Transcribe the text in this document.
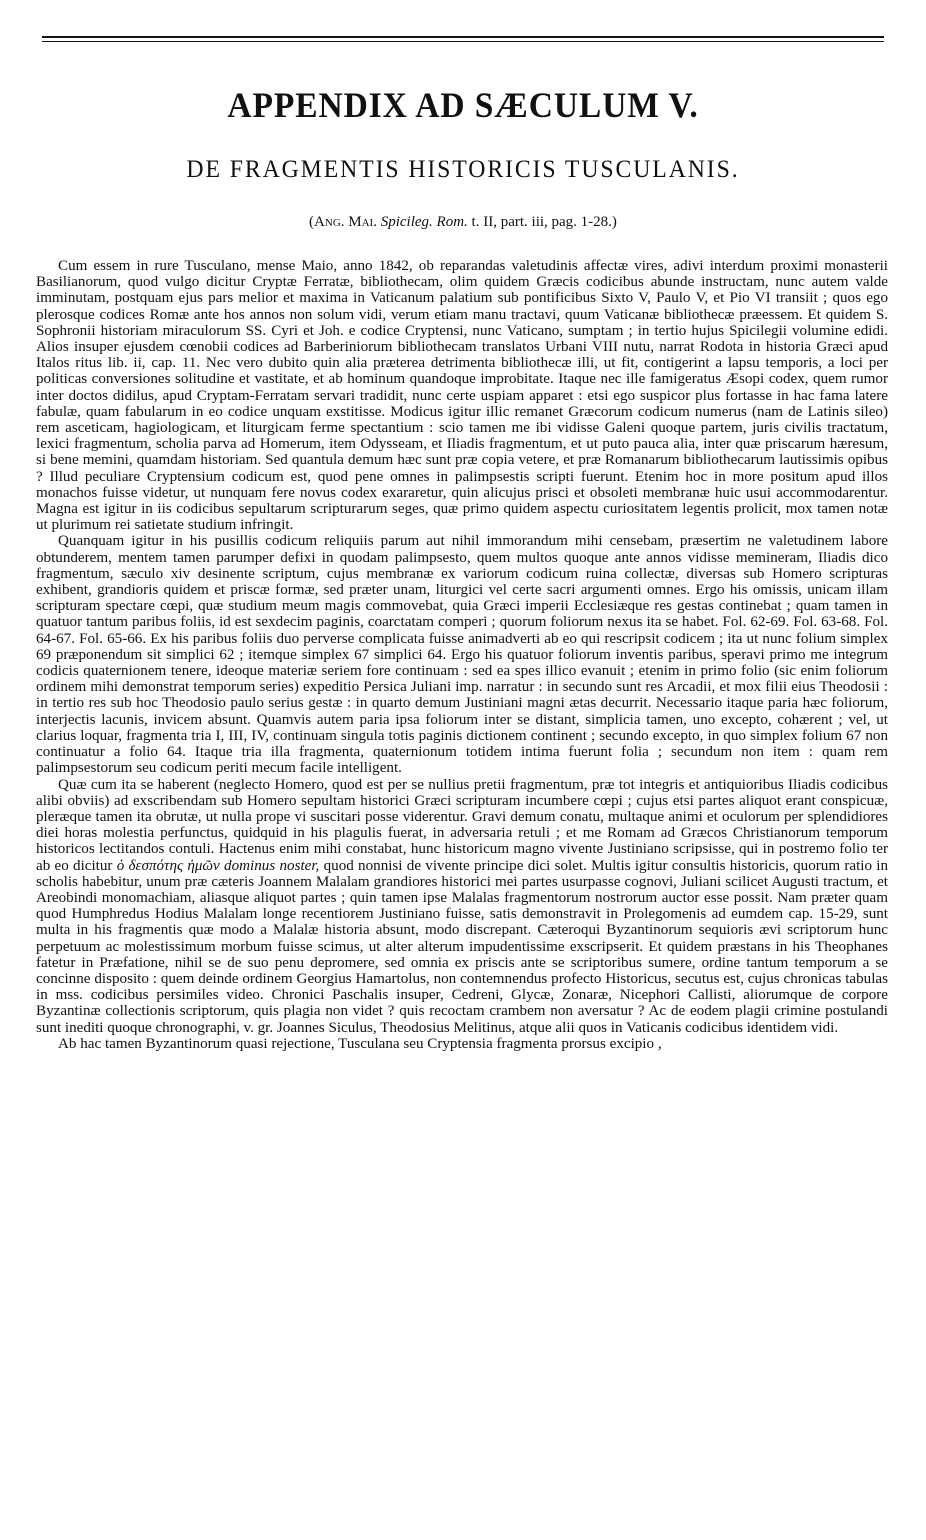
APPENDIX AD SÆCULUM V.
DE FRAGMENTIS HISTORICIS TUSCULANIS.
(Ang. Mai. Spicileg. Rom. t. II, part. iii, pag. 1-28.)

Cum essem in rure Tusculano, mense Maio, anno 1842, ob reparandas valetudinis affectæ vires, adivi interdum proximi monasterii Basilianorum, quod vulgo dicitur Cryptæ Ferratæ, bibliothecam, olim quidem Græcis codicibus abunde instructam, nunc autem valde imminutam, postquam ejus pars melior et maxima in Vaticanum palatium sub pontificibus Sixto V, Paulo V, et Pio VI transiit ; quos ego plerosque codices Romæ ante hos annos non solum vidi, verum etiam manu tractavi, quum Vaticanæ bibliothecæ præessem. Et quidem S. Sophronii historiam miraculorum SS. Cyri et Joh. e codice Cryptensi, nunc Vaticano, sumptam ; in tertio hujus Spicilegii volumine edidi. Alios insuper ejusdem cœnobii codices ad Barberiniorum bibliothecam translatos Urbani VIII nutu, narrat Rodota in historia Græci apud Italos ritus lib. ii, cap. 11. Nec vero dubito quin alia præterea detrimenta bibliothecæ illi, ut fit, contigerint a lapsu temporis, a loci per politicas conversiones solitudine et vastitate, et ab hominum quandoque improbitate. Itaque nec ille famigeratus Æsopi codex, quem rumor inter doctos didilus, apud Cryptam-Ferratam servari tradidit, nunc certe uspiam apparet : etsi ego suspicor plus fortasse in hac fama latere fabulæ, quam fabularum in eo codice unquam exstitisse. Modicus igitur illic remanet Græcorum codicum numerus (nam de Latinis sileo) rem asceticam, hagiologicam, et liturgicam ferme spectantium : scio tamen me ibi vidisse Galeni quoque partem, juris civilis tractatum, lexici fragmentum, scholia parva ad Homerum, item Odysseam, et Iliadis fragmentum, et ut puto pauca alia, inter quæ priscarum hæresum, si bene memini, quamdam historiam. Sed quantula demum hæc sunt præ copia vetere, et præ Romanarum bibliothecarum lautissimis opibus ? Illud peculiare Cryptensium codicum est, quod pene omnes in palimpsestis scripti fuerunt. Etenim hoc in more positum apud illos monachos fuisse videtur, ut nunquam fere novus codex exararetur, quin alicujus prisci et obsoleti membranæ huic usui accommodarentur. Magna est igitur in iis codicibus sepultarum scripturarum seges, quæ primo quidem aspectu curiositatem legentis prolicit, mox tamen notæ ut plurimum rei satietate studium infringit.

Quanquam igitur in his pusillis codicum reliquiis parum aut nihil immorandum mihi censebam, præsertim ne valetudinem labore obtunderem, mentem tamen parumper defixi in quodam palimpsesto, quem multos quoque ante annos vidisse memineram, Iliadis dico fragmentum, sæculo xiv desinente scriptum, cujus membranæ ex variorum codicum ruina collectæ, diversas sub Homero scripturas exhibent, grandioris quidem et priscæ formæ, sed præter unam, liturgici vel certe sacri argumenti omnes. Ergo his omissis, unicam illam scripturam spectare cœpi, quæ studium meum magis commovebat, quia Græci imperii Ecclesiæque res gestas continebat ; quam tamen in quatuor tantum paribus foliis, id est sexdecim paginis, coarctatam comperi ; quorum foliorum nexus ita se habet. Fol. 62-69. Fol. 63-68. Fol. 64-67. Fol. 65-66. Ex his paribus foliis duo perverse complicata fuisse animadverti ab eo qui rescripsit codicem ; ita ut nunc folium simplex 69 præponendum sit simplici 62 ; itemque simplex 67 simplici 64. Ergo his quatuor foliorum inventis paribus, speravi primo me integrum codicis quaternionem tenere, ideoque materiæ seriem fore continuam : sed ea spes illico evanuit ; etenim in primo folio (sic enim foliorum ordinem mihi demonstrat temporum series) expeditio Persica Juliani imp. narratur : in secundo sunt res Arcadii, et mox filii eius Theodosii : in tertio res sub hoc Theodosio paulo serius gestæ : in quarto demum Justiniani magni ætas decurrit. Necessario itaque paria hæc foliorum, interjectis lacunis, invicem absunt. Quamvis autem paria ipsa foliorum inter se distant, simplicia tamen, uno excepto, cohærent ; vel, ut clarius loquar, fragmenta tria I, III, IV, continuam singula totis paginis dictionem continent ; secundo excepto, in quo simplex folium 67 non continuatur a folio 64. Itaque tria illa fragmenta, quaternionum totidem intima fuerunt folia ; secundum non item : quam rem palimpsestorum seu codicum periti mecum facile intelligent.

Quæ cum ita se haberent (neglecto Homero, quod est per se nullius pretii fragmentum, præ tot integris et antiquioribus Iliadis codicibus alibi obviis) ad exscribendam sub Homero sepultam historici Græci scripturam incumbere cœpi ; cujus etsi partes aliquot erant conspicuæ, pleræque tamen ita obrutæ, ut nulla prope vi suscitari posse viderentur. Gravi demum conatu, multaque animi et oculorum per splendidiores diei horas molestia perfunctus, quidquid in his plagulis fuerat, in adversaria retuli ; et me Romam ad Græcos Christianorum temporum historicos lectitandos contuli. Hactenus enim mihi constabat, hunc historicum magno vivente Justiniano scripsisse, qui in postremo folio ter ab eo dicitur ὁ δεσπότης ἡμῶν dominus noster, quod nonnisi de vivente principe dici solet. Multis igitur consultis historicis, quorum ratio in scholis habebitur, unum præ cæteris Joannem Malalam grandiores historici mei partes usurpasse cognovi, Juliani scilicet Augusti tractum, et Areobindi monomachiam, aliasque aliquot partes ; quin tamen ipse Malalas fragmentorum nostrorum auctor esse possit. Nam præter quam quod Humphredus Hodius Malalam longe recentiorem Justiniano fuisse, satis demonstravit in Prolegomenis ad eumdem cap. 15-29, sunt multa in his fragmentis quæ modo a Malalæ historia absunt, modo discrepant. Cæteroqui Byzantinorum sequioris ævi scriptorum hunc perpetuum ac molestissimum morbum fuisse scimus, ut alter alterum impudentissime exscripserit. Et quidem præstans in his Theophanes fatetur in Præfatione, nihil se de suo penu depromere, sed omnia ex priscis ante se scriptoribus sumere, ordine tantum temporum a se concinne disposito : quem deinde ordinem Georgius Hamartolus, non contemnendus profecto Historicus, secutus est, cujus chronicas tabulas in mss. codicibus persimiles video. Chronici Paschalis insuper, Cedreni, Glycæ, Zonaræ, Nicephori Callisti, aliorumque de corpore Byzantinæ collectionis scriptorum, quis plagia non videt ? quis recoctam crambem non aversatur ? Ac de eodem plagii crimine postulandi sunt inediti quoque chronographi, v. gr. Joannes Siculus, Theodosius Melitinus, atque alii quos in Vaticanis codicibus identidem vidi.

Ab hac tamen Byzantinorum quasi rejectione, Tusculana seu Cryptensia fragmenta prorsus excipio ,
